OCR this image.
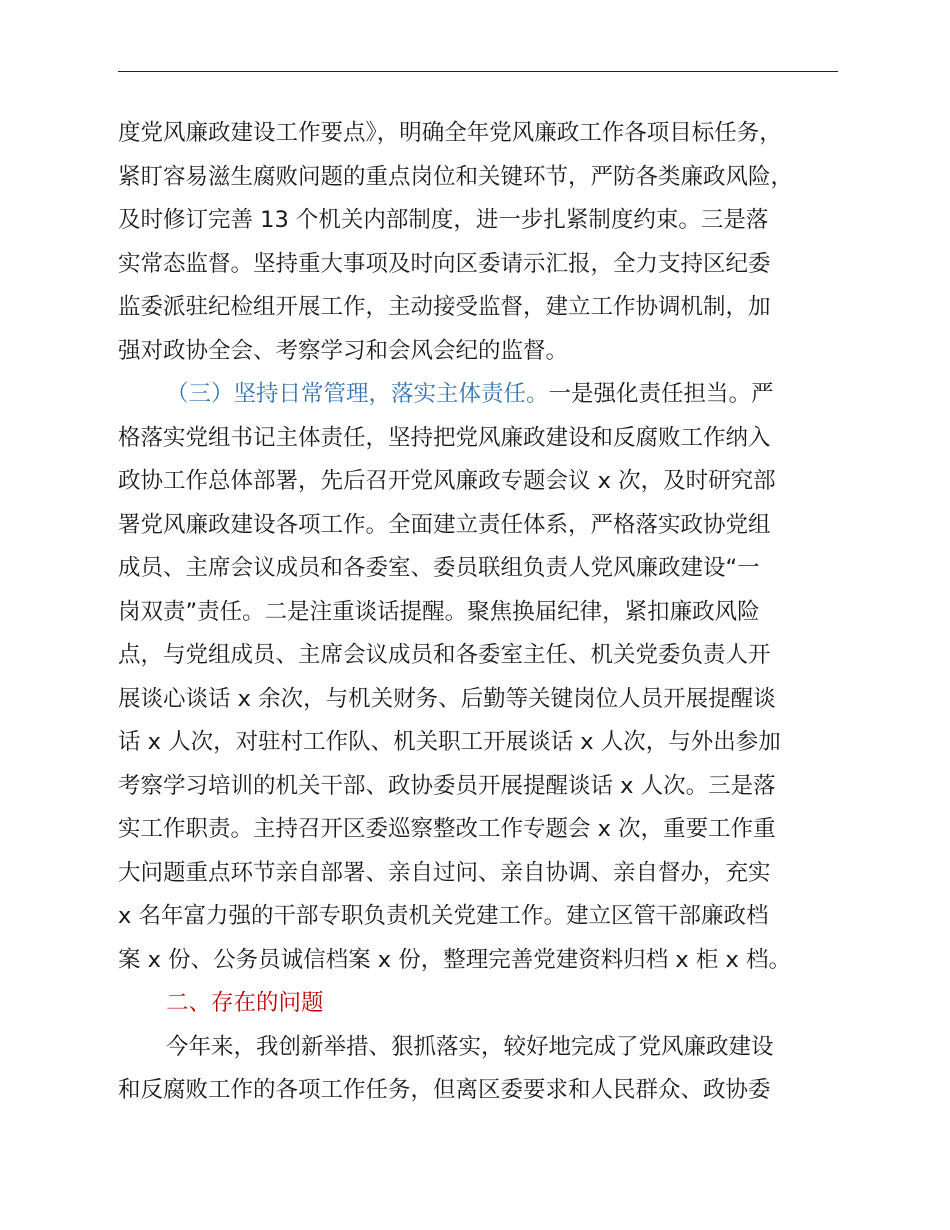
度党风廉政建设工作要点》，明确全年党风廉政工作各项目标任务，
紧盯容易滋生腐败问题的重点岗位和关键环节，严防各类廉政风险，
及时修订完善 13 个机关内部制度，进一步扎紧制度约束。三是落
实常态监督。坚持重大事项及时向区委请示汇报，全力支持区纪委
监委派驻纪检组开展工作，主动接受监督，建立工作协调机制，加
强对政协全会、考察学习和会风会纪的监督。
（三）坚持日常管理，落实主体责任。一是强化责任担当。严
格落实党组书记主体责任，坚持把党风廉政建设和反腐败工作纳入
政协工作总体部署，先后召开党风廉政专题会议 x 次，及时研究部
署党风廉政建设各项工作。全面建立责任体系，严格落实政协党组
成员、主席会议成员和各委室、委员联组负责人党风廉政建设“一
岗双责”责任。二是注重谈话提醒。聚焦换届纪律，紧扣廉政风险
点，与党组成员、主席会议成员和各委室主任、机关党委负责人开
展谈心谈话 x 余次，与机关财务、后勤等关键岗位人员开展提醒谈
话 x 人次，对驻村工作队、机关职工开展谈话 x 人次，与外出参加
考察学习培训的机关干部、政协委员开展提醒谈话 x 人次。三是落
实工作职责。主持召开区委巡察整改工作专题会 x 次，重要工作重
大问题重点环节亲自部署、亲自过问、亲自协调、亲自督办，充实
x 名年富力强的干部专职负责机关党建工作。建立区管干部廉政档
案 x 份、公务员诚信档案 x 份，整理完善党建资料归档 x 柜 x 档。
二、存在的问题
今年来，我创新举措、狠抓落实，较好地完成了党风廉政建设
和反腐败工作的各项工作任务，但离区委要求和人民群众、政协委
